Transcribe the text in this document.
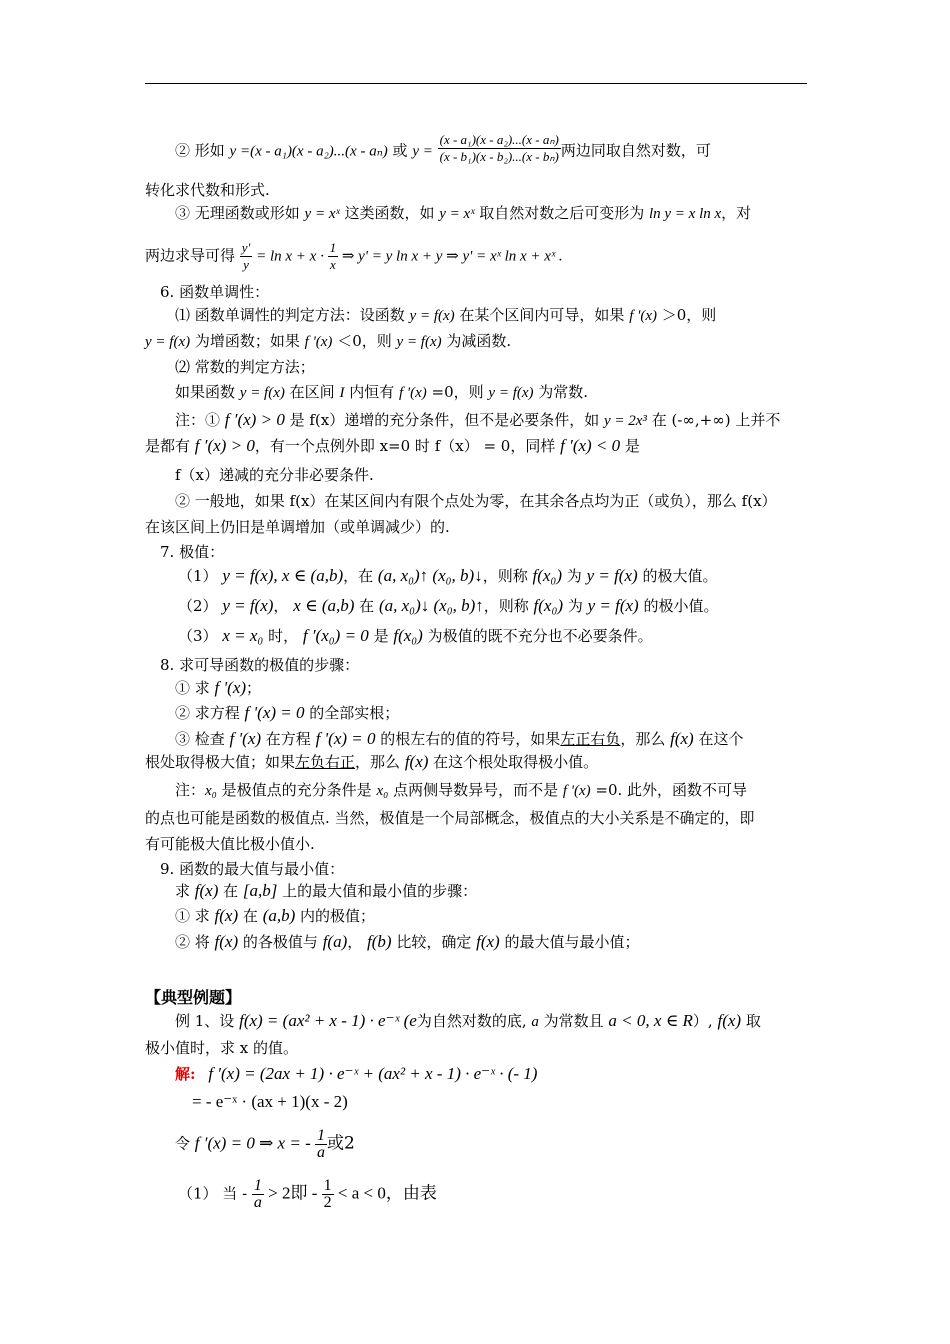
② 形如 y =(x - a₁)(x - a₂)...(x - aₙ) 或 $y = \frac{\text{(x - a₁)(x - a₂)...(x - aₙ)}}{\text{(x - b₁)(x - b₂)...(x - bₙ)}}$ 两边同取自然对数，可
转化求代数和形式.
③ 无理函数或形如 y = xˣ 这类函数，如 y = xˣ 取自然对数之后可变形为 ln y = x ln x，对
两边求导可得 $\frac{y'}{y} = \ln x + x \cdot \frac{1}{x}$ ⇒ y' = y ln x + y ⇒ y' = xˣ ln x + xˣ .
6. 函数单调性：
⑴ 函数单调性的判定方法：设函数 y = f(x) 在某个区间内可导，如果 f '(x) ＞0，则
y = f(x) 为增函数；如果 f '(x) ＜0，则 y = f(x) 为减函数.
⑵ 常数的判定方法；
如果函数 y = f(x) 在区间 I 内恒有 f '(x) =0，则 y = f(x) 为常数.
注：① f ′(x) > 0 是 f(x）递增的充分条件，但不是必要条件，如 y = 2x³ 在 (-∞,+∞) 上并不
是都有 f ′(x) > 0，有一个点例外即 x=0 时 f（x） = 0，同样 f ′(x) < 0 是
f（x）递减的充分非必要条件.
② 一般地，如果 f(x）在某区间内有限个点处为零，在其余各点均为正（或负），那么 f(x）
在该区间上仍旧是单调增加（或单调减少）的.
7. 极值：
（1） y = f(x), x ∈ (a,b)，在 (a, x₀)↑ (x₀, b)↓，则称 f(x₀) 为 y = f(x) 的极大值。
（2） y = f(x)， x ∈ (a,b) 在 (a, x₀)↓ (x₀, b)↑，则称 f(x₀) 为 y = f(x) 的极小值。
（3） x = x₀ 时， f ′(x₀) = 0 是 f(x₀) 为极值的既不充分也不必要条件。
8. 求可导函数的极值的步骤：
① 求 f '(x)；
② 求方程 f '(x) = 0 的全部实根；
③ 检查 f '(x) 在方程 f '(x) = 0 的根左右的值的符号，如果左正右负，那么 f(x) 在这个
根处取得极大值；如果左负右正，那么 f(x) 在这个根处取得极小值。
注：x₀ 是极值点的充分条件是 x₀ 点两侧导数异号，而不是 f '(x) =0. 此外，函数不可导
的点也可能是函数的极值点. 当然，极值是一个局部概念，极值点的大小关系是不确定的，即
有可能极大值比极小值小.
9. 函数的最大值与最小值：
求 f(x) 在 [a,b] 上的最大值和最小值的步骤：
① 求 f(x) 在 (a,b) 内的极值；
② 将 f(x) 的各极值与 f(a)， f(b) 比较，确定 f(x) 的最大值与最小值；
【典型例题】
例 1、设 f(x) = (ax² + x - 1) · e⁻ˣ (e为自然对数的底, a 为常数且 a < 0, x ∈ R）, f(x) 取
极小值时，求 x 的值。
解: f ′(x) = (2ax + 1) · e⁻ˣ + (ax² + x - 1) · e⁻ˣ · (- 1)
= - e⁻ˣ · (ax + 1)(x - 2)
令 f ′(x) = 0 ⇒ x = - $\frac{1}{a}$ 或2
（1） 当 - $\frac{1}{a} > 2$即 - $\frac{1}{2} < a < 0$，由表
